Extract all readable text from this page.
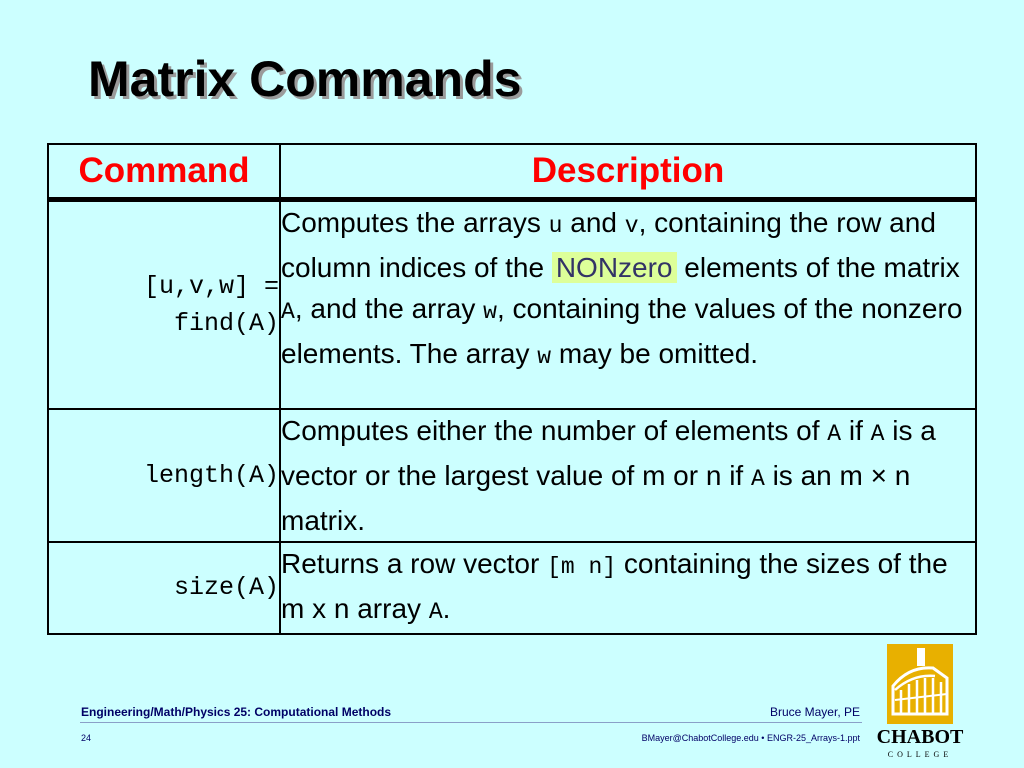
Matrix Commands
Command	Description
[u,v,w] =
find(A)	Computes the arrays u and v, containing the row and column indices of the NONzero elements of the matrix A, and the array w, containing the values of the nonzero elements. The array w may be omitted.
length(A)	Computes either the number of elements of A if A is a vector or the largest value of m or n if A is an m × n matrix.
size(A)	Returns a row vector [m n] containing the sizes of the m x n array A.
Engineering/Math/Physics 25: Computational Methods	Bruce Mayer, PE
24	BMayer@ChabotCollege.edu • ENGR-25_Arrays-1.ppt CHABOT
COLLEGE
